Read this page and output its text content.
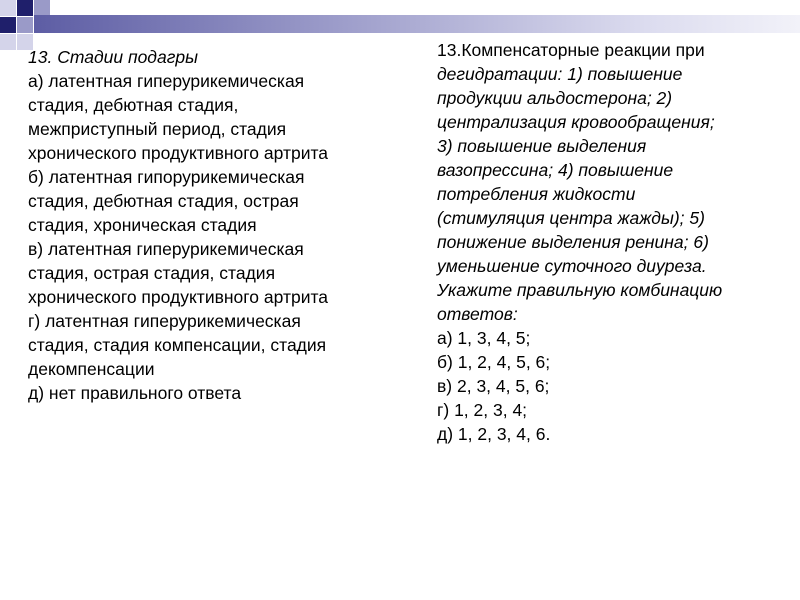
13. Стадии подагры
а) латентная гиперурикемическая
стадия, дебютная стадия,
межприступный период, стадия
хронического продуктивного артрита
б) латентная гипорурикемическая
стадия, дебютная стадия, острая
стадия, хроническая стадия
в) латентная гиперурикемическая
стадия, острая стадия, стадия
хронического продуктивного артрита
г) латентная гиперурикемическая
стадия, стадия компенсации, стадия
декомпенсации
д) нет правильного ответа
13.Компенсаторные реакции при
дегидратации: 1) повышение
продукции альдостерона; 2)
централизация кровообращения;
3) повышение выделения
вазопрессина; 4) повышение
потребления жидкости
(стимуляция центра жажды); 5)
понижение выделения ренина; 6)
уменьшение суточного диуреза.
Укажите правильную комбинацию
ответов:
а) 1, 3, 4, 5;
б) 1, 2, 4, 5, 6;
в) 2, 3, 4, 5, 6;
г) 1, 2, 3, 4;
д) 1, 2, 3, 4, 6.
